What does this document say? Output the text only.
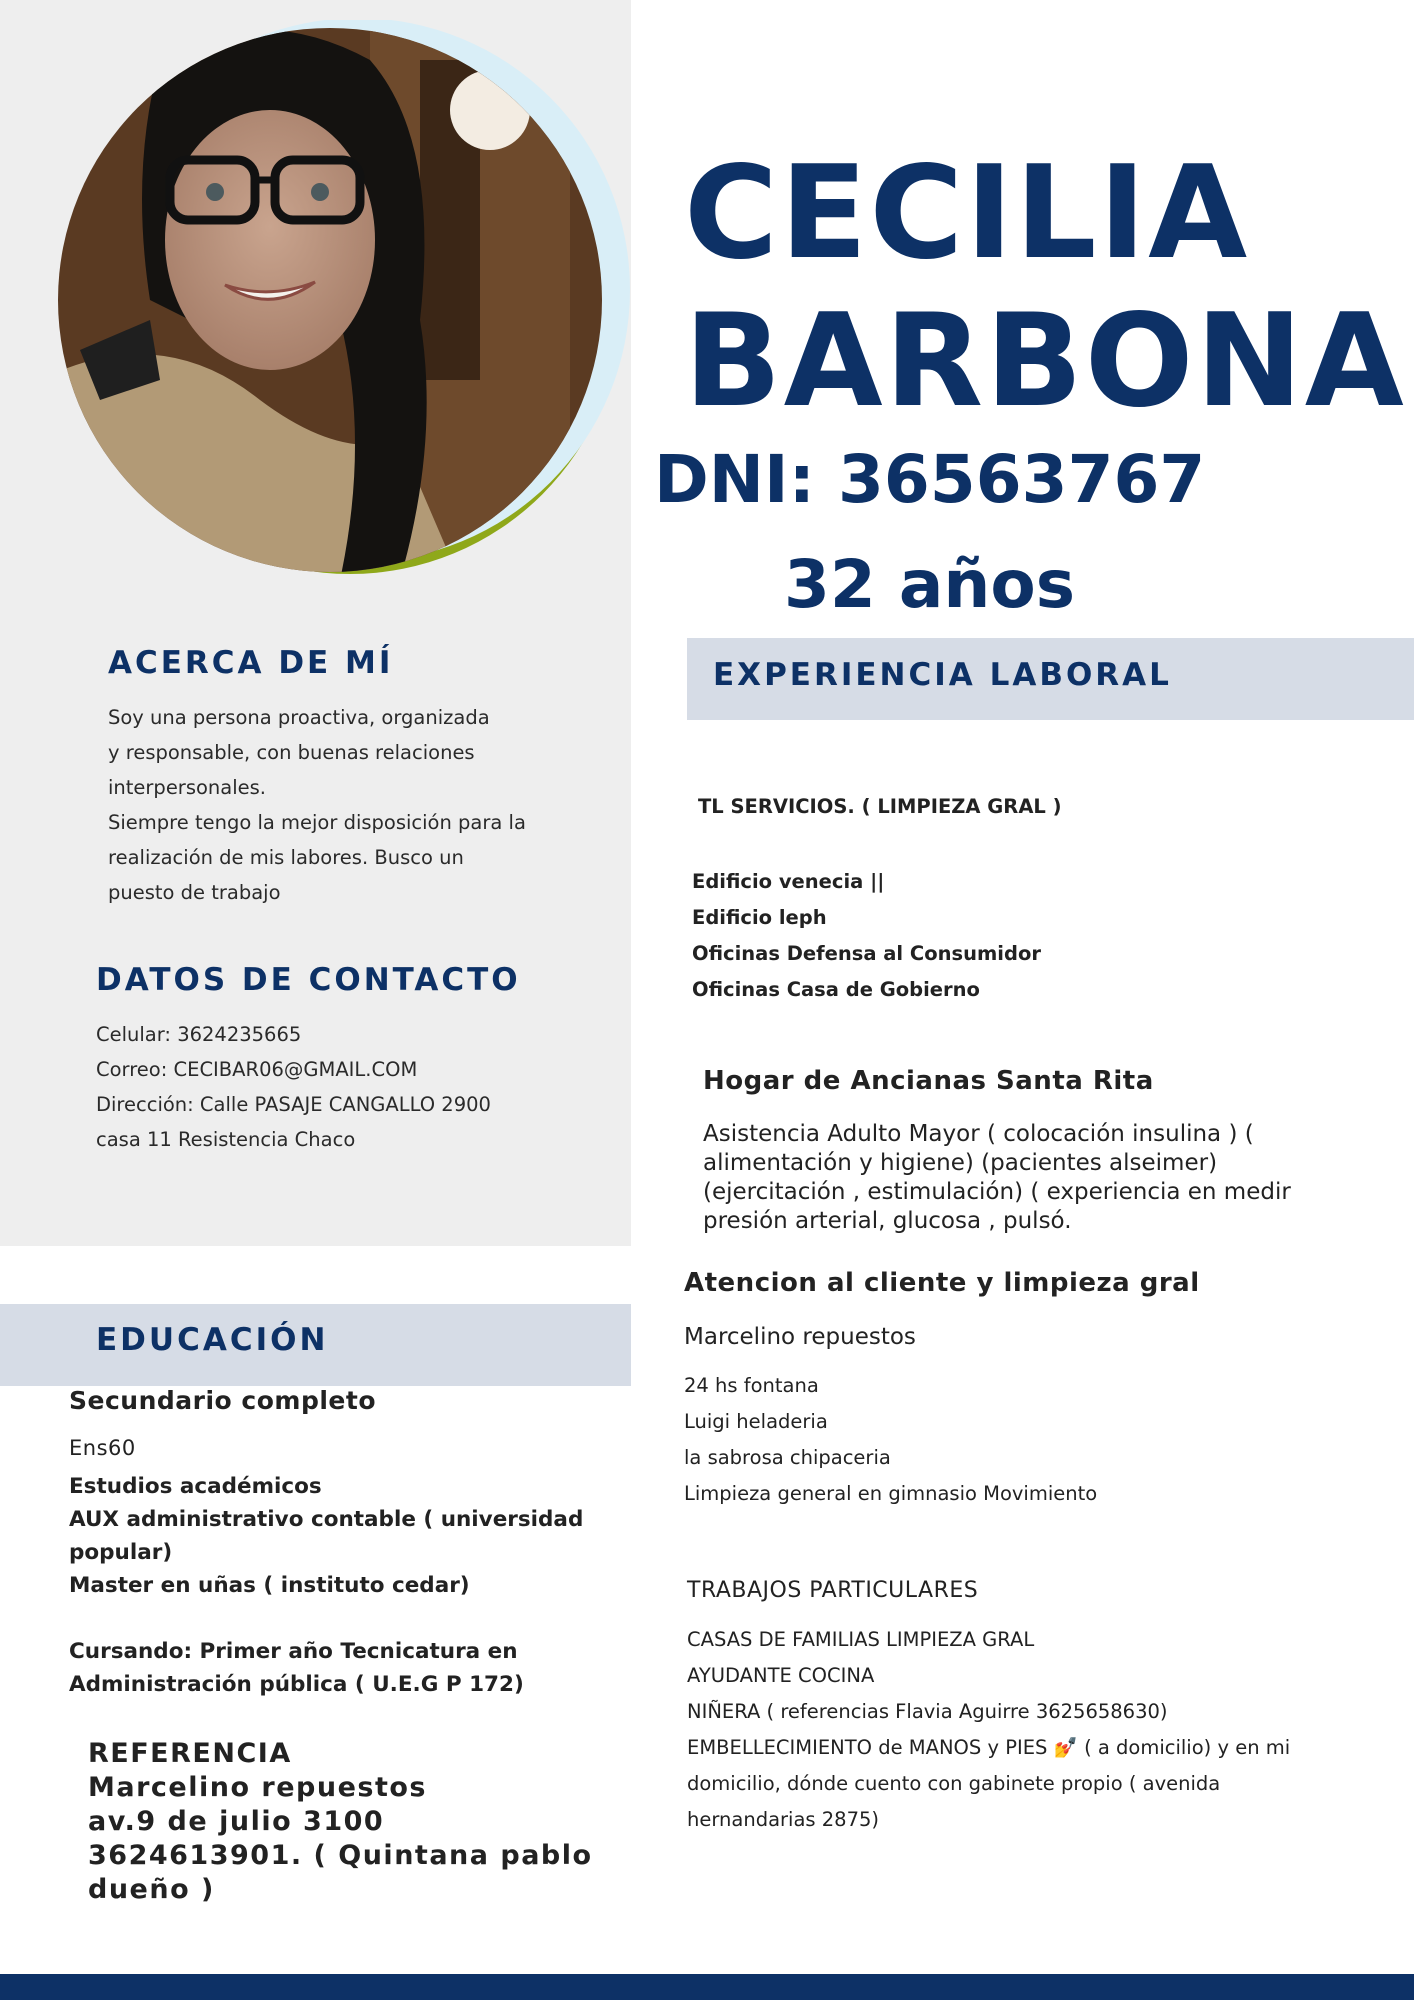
CECILIA
BARBONA
DNI: 36563767
32 años
ACERCA DE MÍ
Soy una persona proactiva, organizada
y responsable, con buenas relaciones
interpersonales.
Siempre tengo la mejor disposición para la
realización de mis labores. Busco un
puesto de trabajo
DATOS DE CONTACTO
Celular: 3624235665
Correo: CECIBAR06@GMAIL.COM
Dirección: Calle PASAJE CANGALLO 2900
casa 11 Resistencia Chaco
EXPERIENCIA LABORAL
TL SERVICIOS. ( LIMPIEZA GRAL )
Edificio venecia ||
Edificio leph
Oficinas Defensa al Consumidor
Oficinas Casa de Gobierno
Hogar de Ancianas Santa Rita
Asistencia Adulto Mayor ( colocación insulina ) ( alimentación y higiene) (pacientes alseimer) (ejercitación , estimulación) ( experiencia en medir presión arterial, glucosa , pulsó.
Atencion al cliente y limpieza gral
Marcelino repuestos
24 hs fontana
Luigi heladeria
la sabrosa chipaceria
Limpieza general en gimnasio Movimiento
TRABAJOS PARTICULARES
CASAS DE FAMILIAS LIMPIEZA GRAL
AYUDANTE COCINA
NIÑERA ( referencias Flavia Aguirre 3625658630)
EMBELLECIMIENTO de MANOS y PIES 💅 ( a domicilio) y en mi
domicilio, dónde cuento con gabinete propio ( avenida
hernandarias 2875)
EDUCACIÓN
Secundario completo
Ens60
Estudios académicos
AUX administrativo contable ( universidad
popular)
Master en uñas ( instituto cedar)
Cursando: Primer año Tecnicatura en
Administración pública ( U.E.G P 172)
REFERENCIA
Marcelino repuestos
av.9 de julio 3100
3624613901. ( Quintana pablo
dueño )
